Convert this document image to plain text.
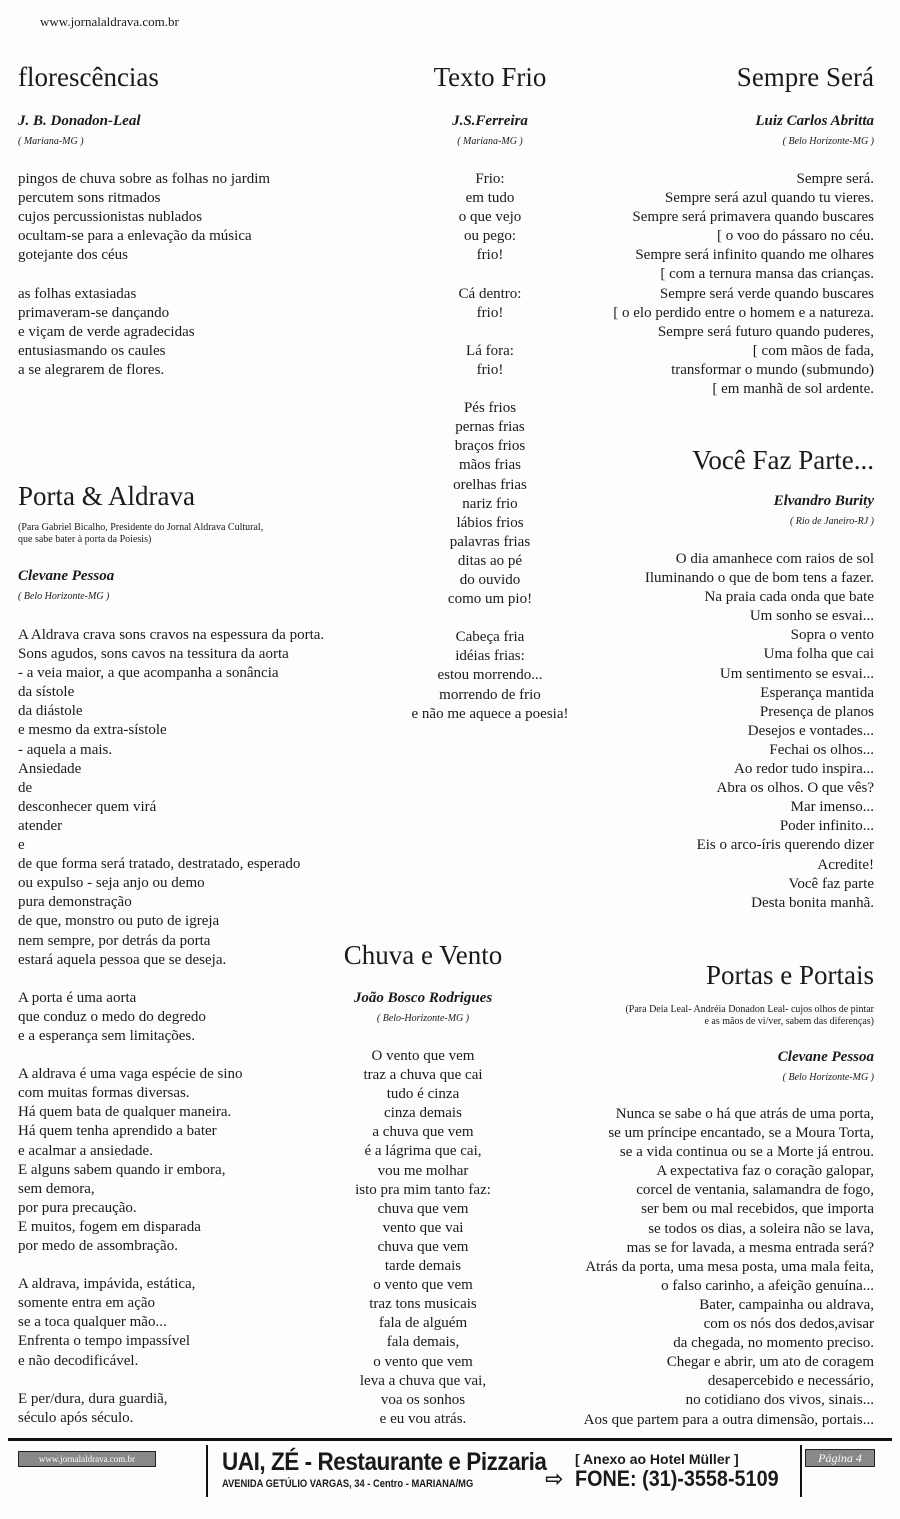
www.jornalaldrava.com.br
florescências
J. B. Donadon-Leal
( Mariana-MG )
pingos de chuva sobre as folhas no jardim
percutem sons ritmados
cujos percussionistas nublados
ocultam-se para a enlevação da música
gotejante dos céus
as folhas extasiadas
primaveram-se dançando
e viçam de verde agradecidas
entusiasmando os caules
a se alegrarem de flores.
Texto Frio
J.S.Ferreira
( Mariana-MG )
Frio:
em tudo
o que vejo
ou pego:
frio!
Cá dentro:
frio!
Lá fora:
frio!
Pés frios
pernas frias
braços frios
mãos frias
orelhas frias
nariz frio
lábios frios
palavras frias
ditas ao pé
do ouvido
como um pio!
Cabeça fria
idéias frias:
estou morrendo...
morrendo de frio
e não me aquece a poesia!
Sempre Será
Luiz Carlos Abritta
( Belo Horizonte-MG )
Sempre será.
Sempre será azul quando tu vieres.
Sempre será primavera quando buscares
[ o voo do pássaro no céu.
Sempre será infinito quando me olhares
[ com a ternura mansa das crianças.
Sempre será verde quando buscares
[ o elo perdido entre o homem e a natureza.
Sempre será futuro quando puderes,
[ com mãos de fada,
transformar o mundo (submundo)
[ em manhã de sol ardente.
Você Faz Parte...
Elvandro Burity
( Rio de Janeiro-RJ )
O dia amanhece com raios de sol
Iluminando o que de bom tens a fazer.
Na praia cada onda que bate
Um sonho se esvai...
Sopra o vento
Uma folha que cai
Um sentimento se esvai...
Esperança mantida
Presença de planos
Desejos e vontades...
Fechai os olhos...
Ao redor tudo inspira...
Abra os olhos. O que vês?
Mar imenso...
Poder infinito...
Eis o arco-íris querendo dizer
Acredite!
Você faz parte
Desta bonita manhã.
Porta & Aldrava
(Para Gabriel Bicalho, Presidente do Jornal Aldrava Cultural,
que sabe bater à porta da Poiesis)
Clevane Pessoa
( Belo Horizonte-MG )
A Aldrava crava sons cravos na espessura da porta.
Sons agudos, sons cavos na tessitura da aorta
- a veia maior, a que acompanha a sonância
da sístole
da diástole
e mesmo da extra-sístole
- aquela a mais.
Ansiedade
de
desconhecer quem virá
atender
e
de que forma será tratado, destratado, esperado
ou expulso - seja anjo ou demo
pura demonstração
de que, monstro ou puto de igreja
nem sempre, por detrás da porta
estará aquela pessoa que se deseja.
A porta é uma aorta
que conduz o medo do degredo
e a esperança sem limitações.
A aldrava é uma vaga espécie de sino
com muitas formas diversas.
Há quem bata de qualquer maneira.
Há quem tenha aprendido a bater
e acalmar a ansiedade.
E alguns sabem quando ir embora,
sem demora,
por pura precaução.
E muitos, fogem em disparada
por medo de assombração.
A aldrava, impávida, estática,
somente entra em ação
se a toca qualquer mão...
Enfrenta o tempo impassível
e não decodificável.
E per/dura, dura guardiã,
século após século.
Chuva e Vento
João Bosco Rodrigues
( Belo-Horizonte-MG )
O vento que vem
traz a chuva que cai
tudo é cinza
cinza demais
a chuva que vem
é a lágrima que cai,
vou me molhar
isto pra mim tanto faz:
chuva que vem
vento que vai
chuva que vem
tarde demais
o vento que vem
traz tons musicais
fala de alguém
fala demais,
o vento que vem
leva a chuva que vai,
voa os sonhos
e eu vou atrás.
Portas e Portais
(Para Deia Leal- Andréia Donadon Leal- cujos olhos de pintar
e as mãos de vi/ver, sabem das diferenças)
Clevane Pessoa
( Belo Horizonte-MG )
Nunca se sabe o há que atrás de uma porta,
se um príncipe encantado, se a Moura Torta,
se a vida continua ou se a Morte já entrou.
A expectativa faz o coração galopar,
corcel de ventania, salamandra de fogo,
ser bem ou mal recebidos, que importa
se todos os dias, a soleira não se lava,
mas se for lavada, a mesma entrada será?
Atrás da porta, uma mesa posta, uma mala feita,
o falso carinho, a afeição genuína...
Bater, campainha ou aldrava,
com os nós dos dedos,avisar
da chegada, no momento preciso.
Chegar e abrir, um ato de coragem
desapercebido e necessário,
no cotidiano dos vivos, sinais...
Aos que partem para a outra dimensão, portais...
www.jornalaldrava.com.br	UAI, ZÉ - Restaurante e Pizzaria
AVENIDA GETÚLIO VARGAS, 34 - Centro - MARIANA/MG
[ Anexo ao Hotel Müller ]
⇨ FONE: (31)-3558-5109
Página 4
